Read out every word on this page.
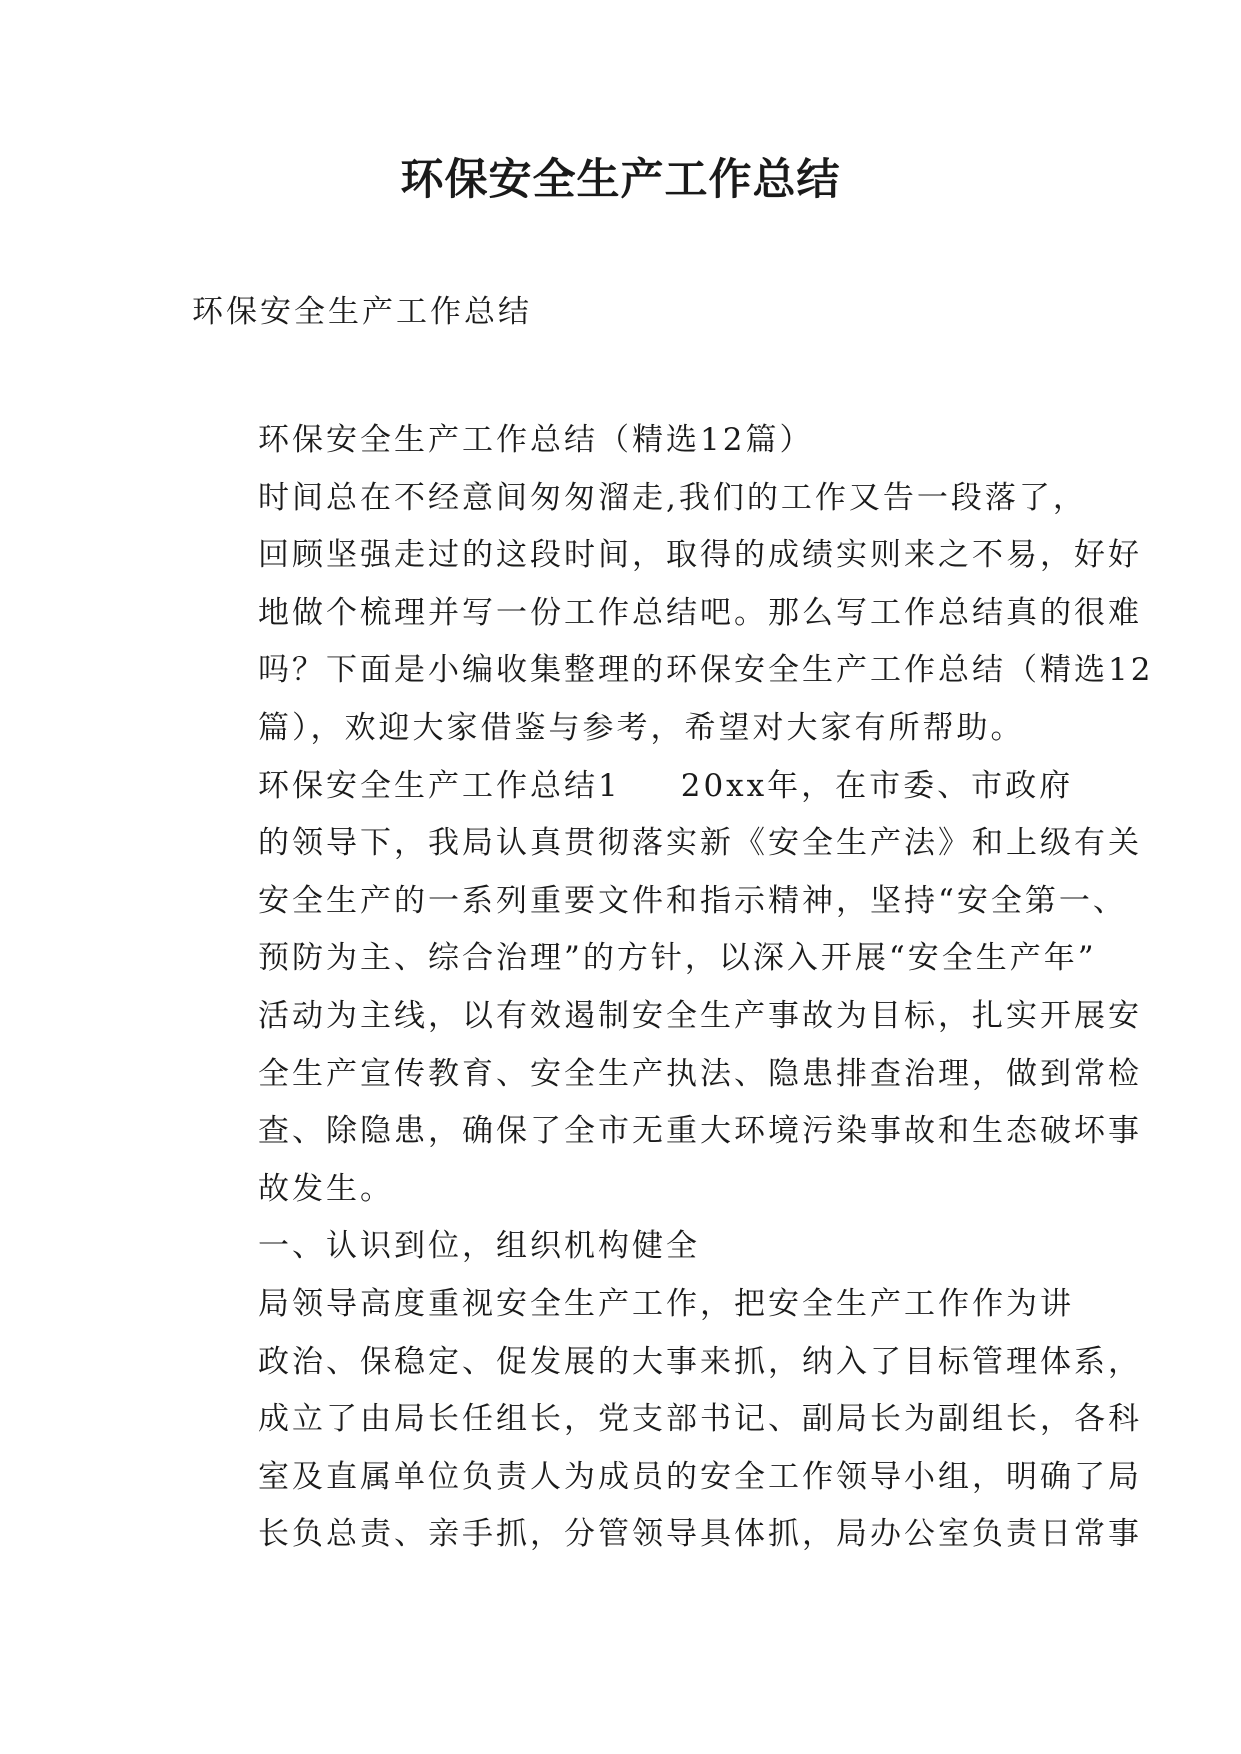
环保安全生产工作总结
环保安全生产工作总结

环保安全生产工作总结（精选12篇）

时间总在不经意间匆匆溜走,我们的工作又告一段落了，
回顾坚强走过的这段时间，取得的成绩实则来之不易，好好
地做个梳理并写一份工作总结吧。那么写工作总结真的很难
吗？下面是小编收集整理的环保安全生产工作总结（精选12
篇），欢迎大家借鉴与参考，希望对大家有所帮助。

环保安全生产工作总结1 20xx年，在市委、市政府
的领导下，我局认真贯彻落实新《安全生产法》和上级有关
安全生产的一系列重要文件和指示精神，坚持“安全第一、
预防为主、综合治理”的方针，以深入开展“安全生产年”
活动为主线，以有效遏制安全生产事故为目标，扎实开展安
全生产宣传教育、安全生产执法、隐患排查治理，做到常检
查、除隐患，确保了全市无重大环境污染事故和生态破坏事
故发生。

一、认识到位，组织机构健全

局领导高度重视安全生产工作，把安全生产工作作为讲
政治、保稳定、促发展的大事来抓，纳入了目标管理体系，
成立了由局长任组长，党支部书记、副局长为副组长，各科
室及直属单位负责人为成员的安全工作领导小组，明确了局
长负总责、亲手抓，分管领导具体抓，局办公室负责日常事
